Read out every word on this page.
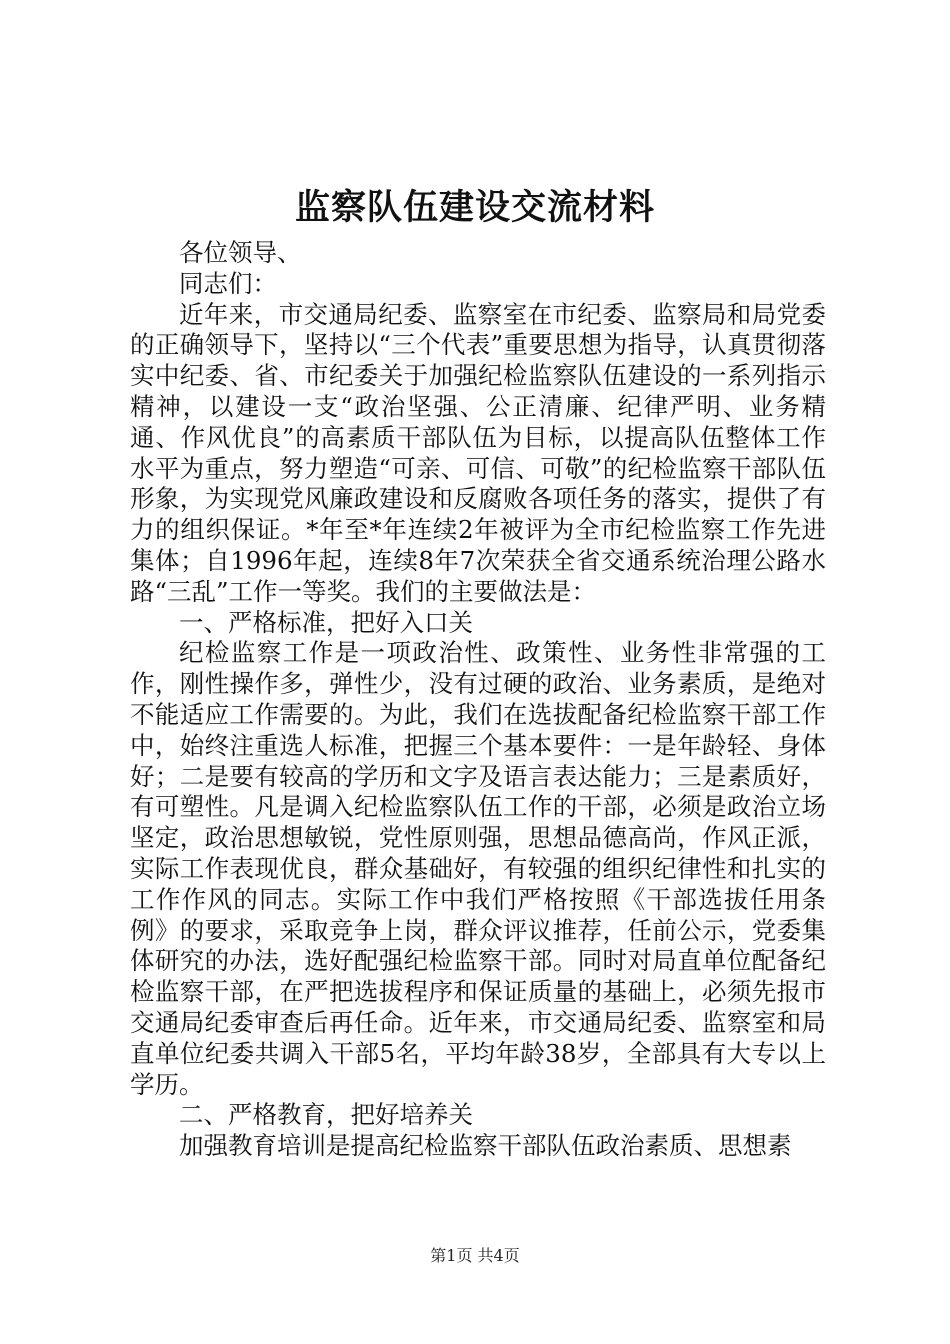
监察队伍建设交流材料

各位领导、

同志们：

近年来，市交通局纪委、监察室在市纪委、监察局和局党委的正确领导下，坚持以“三个代表”重要思想为指导，认真贯彻落实中纪委、省、市纪委关于加强纪检监察队伍建设的一系列指示精神，以建设一支“政治坚强、公正清廉、纪律严明、业务精通、作风优良”的高素质干部队伍为目标，以提高队伍整体工作水平为重点，努力塑造“可亲、可信、可敬”的纪检监察干部队伍形象，为实现党风廉政建设和反腐败各项任务的落实，提供了有力的组织保证。*年至*年连续2年被评为全市纪检监察工作先进集体；自1996年起，连续8年7次荣获全省交通系统治理公路水路“三乱”工作一等奖。我们的主要做法是：

一、严格标准，把好入口关

纪检监察工作是一项政治性、政策性、业务性非常强的工作，刚性操作多，弹性少，没有过硬的政治、业务素质，是绝对不能适应工作需要的。为此，我们在选拔配备纪检监察干部工作中，始终注重选人标准，把握三个基本要件：一是年龄轻、身体好；二是要有较高的学历和文字及语言表达能力；三是素质好，有可塑性。凡是调入纪检监察队伍工作的干部，必须是政治立场坚定，政治思想敏锐，党性原则强，思想品德高尚，作风正派，实际工作表现优良，群众基础好，有较强的组织纪律性和扎实的工作作风的同志。实际工作中我们严格按照《干部选拔任用条例》的要求，采取竞争上岗，群众评议推荐，任前公示，党委集体研究的办法，选好配强纪检监察干部。同时对局直单位配备纪检监察干部，在严把选拔程序和保证质量的基础上，必须先报市交通局纪委审查后再任命。近年来，市交通局纪委、监察室和局直单位纪委共调入干部5名，平均年龄38岁，全部具有大专以上学历。

二、严格教育，把好培养关

加强教育培训是提高纪检监察干部队伍政治素质、思想素

第1页 共4页
